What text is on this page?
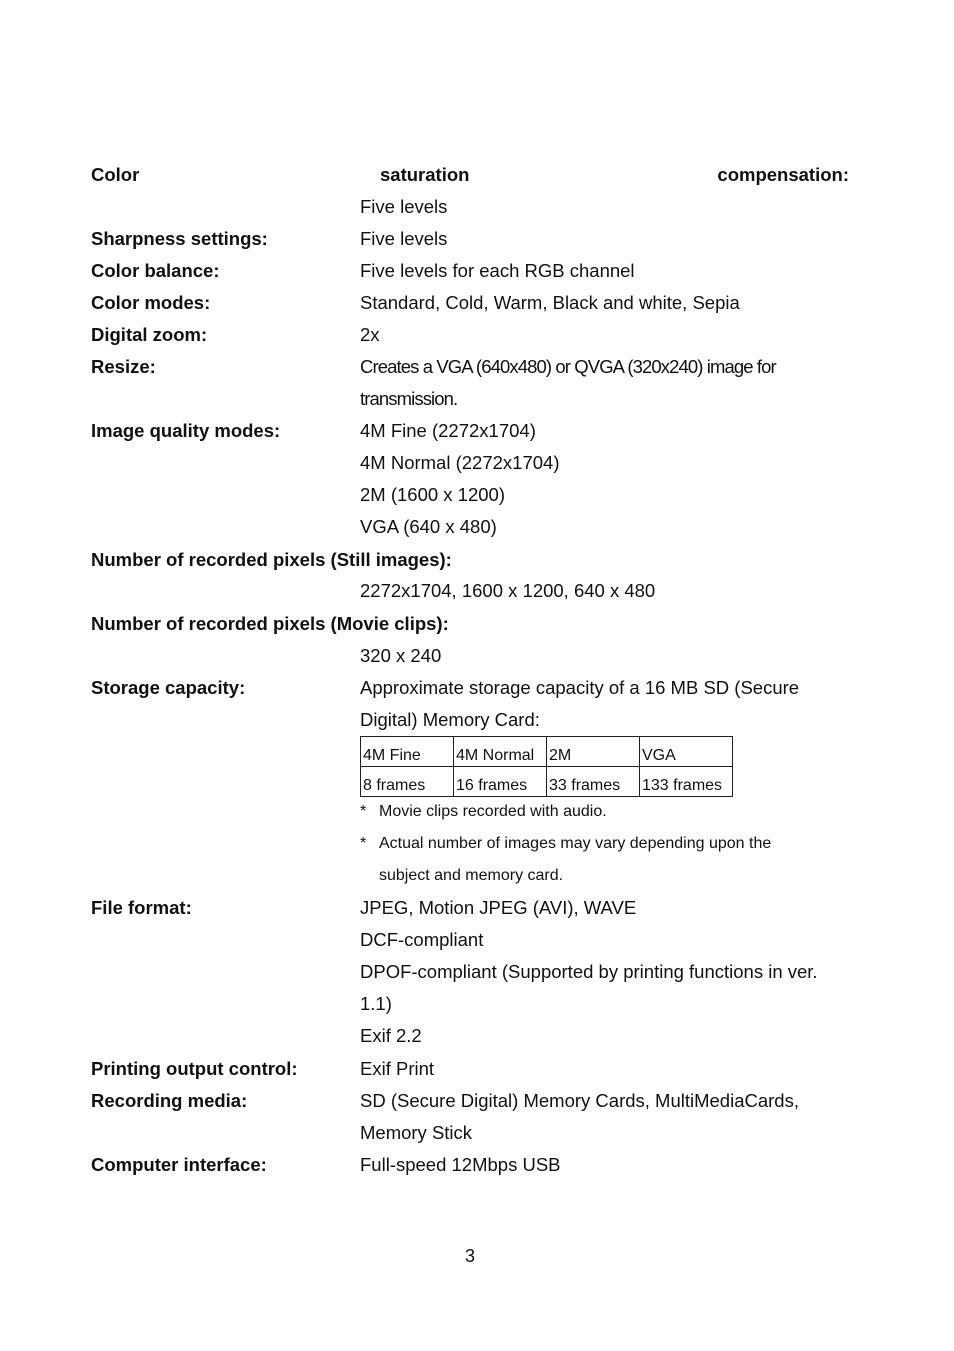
Color	saturation	compensation:
Five levels
Sharpness settings:	Five levels
Color balance:	Five levels for each RGB channel
Color modes:	Standard, Cold, Warm, Black and white, Sepia
Digital zoom:	2x
Resize:	Creates a VGA (640x480) or QVGA (320x240) image for
transmission.
Image quality modes:	4M Fine (2272x1704)
4M Normal (2272x1704)
2M (1600 x 1200)
VGA (640 x 480)
Number of recorded pixels (Still images):
2272x1704, 1600 x 1200, 640 x 480
Number of recorded pixels (Movie clips):
320 x 240
Storage capacity:	Approximate storage capacity of a 16 MB SD (Secure
Digital) Memory Card:
4M Fine	4M Normal	2M	VGA
8 frames	16 frames	33 frames	133 frames
* Movie clips recorded with audio.
* Actual number of images may vary depending upon the
subject and memory card.
File format:	JPEG, Motion JPEG (AVI), WAVE
DCF-compliant
DPOF-compliant (Supported by printing functions in ver.
1.1)
Exif 2.2
Printing output control:	Exif Print
Recording media:	SD (Secure Digital) Memory Cards, MultiMediaCards,
Memory Stick
Computer interface:	Full-speed 12Mbps USB
3
